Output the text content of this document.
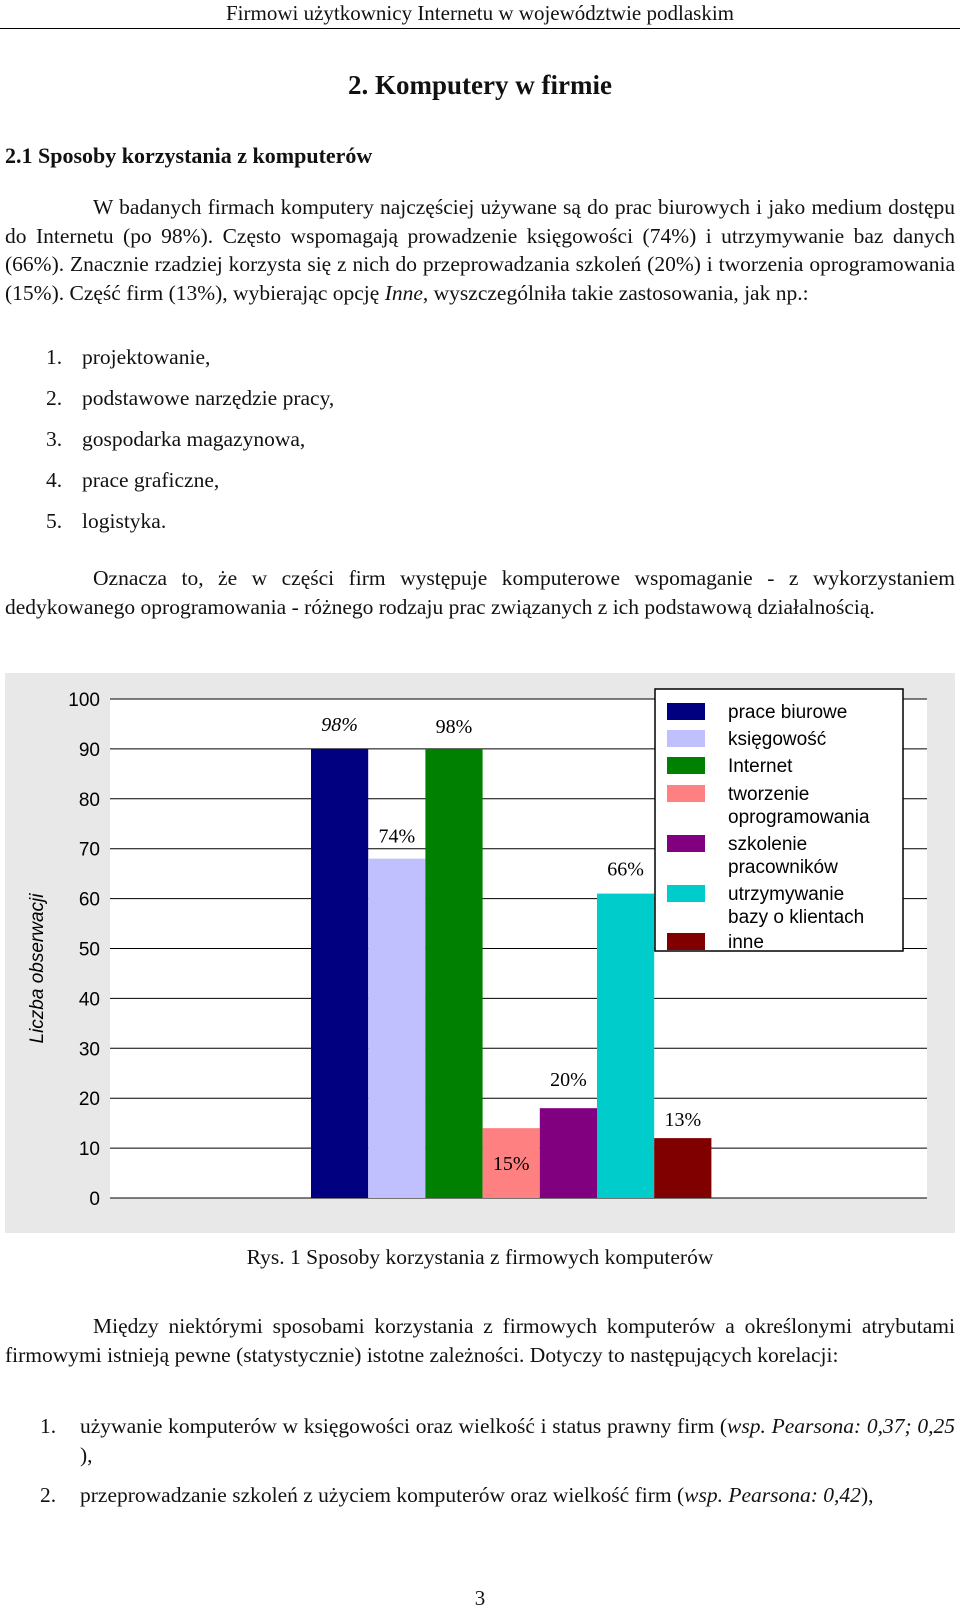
Firmowi użytkownicy Internetu w województwie podlaskim
2. Komputery w firmie
2.1 Sposoby korzystania z komputerów

W badanych firmach komputery najczęściej używane są do prac biurowych i jako medium dostępu do Internetu (po 98%). Często wspomagają prowadzenie księgowości (74%) i utrzymywanie baz danych (66%). Znacznie rzadziej korzysta się z nich do przeprowadzania szkoleń (20%) i tworzenia oprogramowania (15%). Część firm (13%), wybierając opcję Inne, wyszczególniła takie zastosowania, jak np.:

1. projektowanie,
2. podstawowe narzędzie pracy,
3. gospodarka magazynowa,
4. prace graficzne,
5. logistyka.

Oznacza to, że w części firm występuje komputerowe wspomaganie - z wykorzystaniem dedykowanego oprogramowania - różnego rodzaju prac związanych z ich podstawową działalnością.

0
10
20
30
40
50
60
70
80
90
100
Liczba obserwacji
98%
74%
98%
15%
20%
66%
13%
prace biurowe
księgowość
Internet
tworzenie
oprogramowania
szkolenie
pracowników
utrzymywanie
bazy o klientach
inne
Rys. 1 Sposoby korzystania z firmowych komputerów

Między niektórymi sposobami korzystania z firmowych komputerów a określonymi atrybutami firmowymi istnieją pewne (statystycznie) istotne zależności. Dotyczy to następujących korelacji:

1. używanie komputerów w księgowości oraz wielkość i status prawny firm (wsp. Pearsona: 0,37; 0,25 ),
2. przeprowadzanie szkoleń z użyciem komputerów oraz wielkość firm (wsp. Pearsona: 0,42),
3
